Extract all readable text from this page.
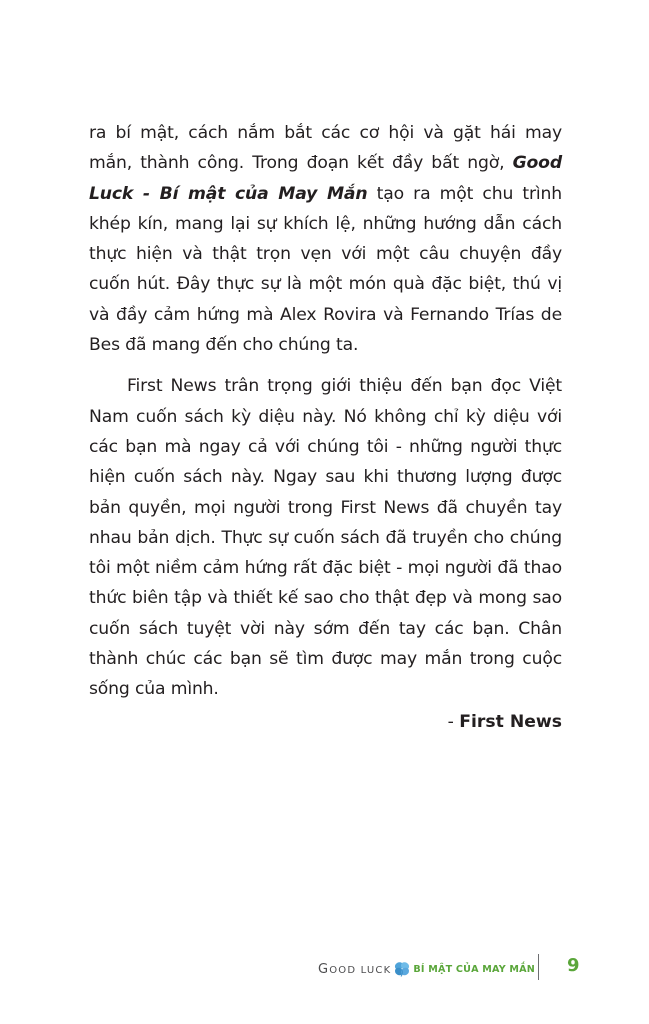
ra bí mật, cách nắm bắt các cơ hội và gặt hái may mắn, thành công. Trong đoạn kết đầy bất ngờ, Good Luck - Bí mật của May Mắn tạo ra một chu trình khép kín, mang lại sự khích lệ, những hướng dẫn cách thực hiện và thật trọn vẹn với một câu chuyện đầy cuốn hút. Đây thực sự là một món quà đặc biệt, thú vị và đầy cảm hứng mà Alex Rovira và Fernando Trías de Bes đã mang đến cho chúng ta.

First News trân trọng giới thiệu đến bạn đọc Việt Nam cuốn sách kỳ diệu này. Nó không chỉ kỳ diệu với các bạn mà ngay cả với chúng tôi - những người thực hiện cuốn sách này. Ngay sau khi thương lượng được bản quyền, mọi người trong First News đã chuyền tay nhau bản dịch. Thực sự cuốn sách đã truyền cho chúng tôi một niềm cảm hứng rất đặc biệt - mọi người đã thao thức biên tập và thiết kế sao cho thật đẹp và mong sao cuốn sách tuyệt vời này sớm đến tay các bạn. Chân thành chúc các bạn sẽ tìm được may mắn trong cuộc sống của mình.

- First News
GOOD LUCK BÍ MẬT CỦA MAY MẮN 9
